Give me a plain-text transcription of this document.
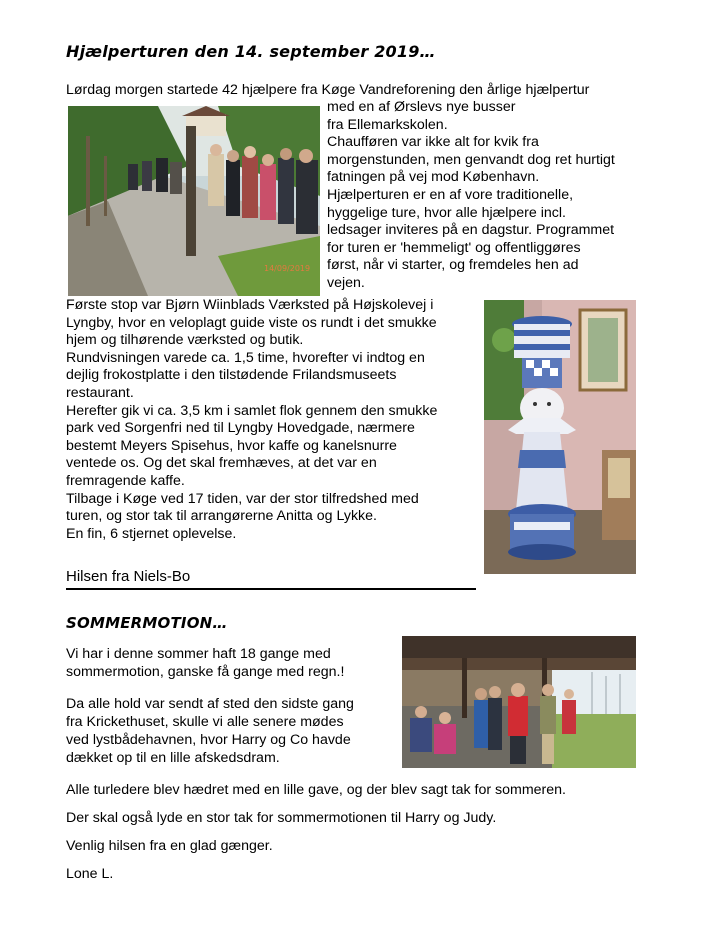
Hjælperturen den 14. september 2019…

Lørdag morgen startede 42 hjælpere fra Køge Vandreforening den årlige hjælpertur

14/09/2019

med en af Ørslevs nye busser

fra Ellemarkskolen.

Chaufføren var ikke alt for kvik fra

morgenstunden, men genvandt dog ret hurtigt

fatningen på vej mod København.

Hjælperturen er en af vore traditionelle,

hyggelige ture, hvor alle hjælpere incl.

ledsager inviteres på en dagstur. Programmet

for turen er 'hemmeligt' og offentliggøres

først, når vi starter, og fremdeles hen ad

vejen.

Første stop var Bjørn Wiinblads Værksted på Højskolevej i

Lyngby, hvor en veloplagt guide viste os rundt i det smukke

hjem og tilhørende værksted og butik.

Rundvisningen varede ca. 1,5 time, hvorefter vi indtog en

dejlig frokostplatte i den tilstødende Frilandsmuseets

restaurant.

Herefter gik vi ca. 3,5 km i samlet flok gennem den smukke

park ved Sorgenfri ned til Lyngby Hovedgade, nærmere

bestemt Meyers Spisehus, hvor kaffe og kanelsnurre

ventede os. Og det skal fremhæves, at det var en

fremragende kaffe.

Tilbage i Køge ved 17 tiden, var der stor tilfredshed med

turen, og stor tak til arrangørerne Anitta og Lykke.

En fin, 6 stjernet oplevelse.

Hilsen fra Niels-Bo
SOMMERMOTION…

Vi har i denne sommer haft 18 gange med

sommermotion, ganske få gange med regn.!

Da alle hold var sendt af sted den sidste gang

fra Krickethuset, skulle vi alle senere mødes

ved lystbådehavnen, hvor Harry og Co havde

dækket op til en lille afskedsdram.

Alle turledere blev hædret med en lille gave, og der blev sagt tak for sommeren.

Der skal også lyde en stor tak for sommermotionen til Harry og Judy.

Venlig hilsen fra en glad gænger.

Lone L.
